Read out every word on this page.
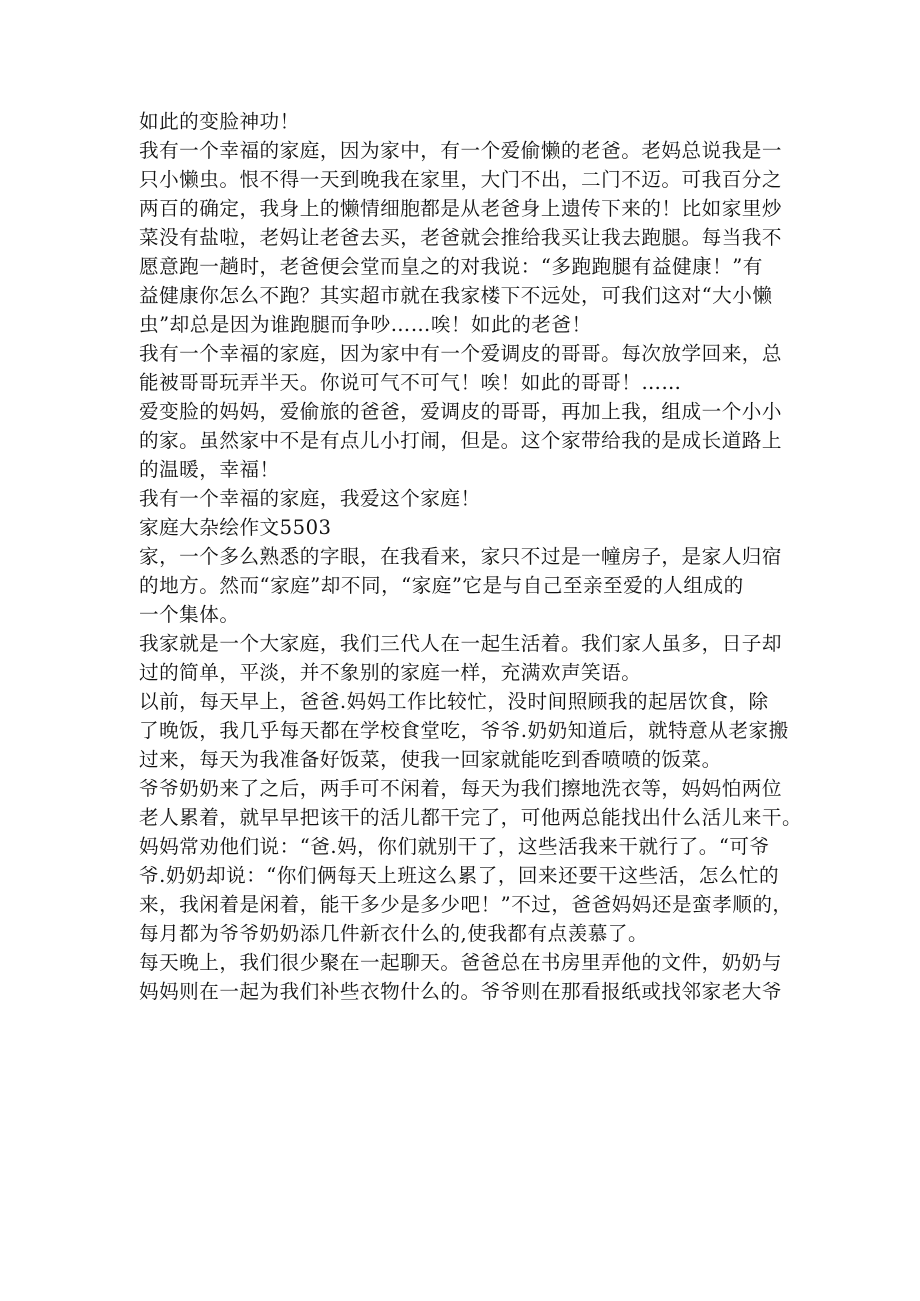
如此的变脸神功！
我有一个幸福的家庭，因为家中，有一个爱偷懒的老爸。老妈总说我是一
只小懒虫。恨不得一天到晚我在家里，大门不出，二门不迈。可我百分之
两百的确定，我身上的懒情细胞都是从老爸身上遗传下来的！比如家里炒
菜没有盐啦，老妈让老爸去买，老爸就会推给我买让我去跑腿。每当我不
愿意跑一趟时，老爸便会堂而皇之的对我说：“多跑跑腿有益健康！”有
益健康你怎么不跑？其实超市就在我家楼下不远处，可我们这对“大小懒
虫”却总是因为谁跑腿而争吵……唉！如此的老爸！
我有一个幸福的家庭，因为家中有一个爱调皮的哥哥。每次放学回来，总
能被哥哥玩弄半天。你说可气不可气！唉！如此的哥哥！……
爱变脸的妈妈，爱偷旅的爸爸，爱调皮的哥哥，再加上我，组成一个小小
的家。虽然家中不是有点儿小打闹，但是。这个家带给我的是成长道路上
的温暖，幸福！
我有一个幸福的家庭，我爱这个家庭！
家庭大杂绘作文5503
家，一个多么熟悉的字眼，在我看来，家只不过是一幢房子，是家人归宿
的地方。然而“家庭”却不同，“家庭”它是与自己至亲至爱的人组成的
一个集体。
我家就是一个大家庭，我们三代人在一起生活着。我们家人虽多，日子却
过的简单，平淡，并不象别的家庭一样，充满欢声笑语。
以前，每天早上，爸爸.妈妈工作比较忙，没时间照顾我的起居饮食，除
了晚饭，我几乎每天都在学校食堂吃，爷爷.奶奶知道后，就特意从老家搬
过来，每天为我准备好饭菜，使我一回家就能吃到香喷喷的饭菜。
爷爷奶奶来了之后，两手可不闲着，每天为我们擦地洗衣等，妈妈怕两位
老人累着，就早早把该干的活儿都干完了，可他两总能找出什么活儿来干。
妈妈常劝他们说：“爸.妈，你们就别干了，这些活我来干就行了。“可爷
爷.奶奶却说：“你们俩每天上班这么累了，回来还要干这些活，怎么忙的
来，我闲着是闲着，能干多少是多少吧！”不过，爸爸妈妈还是蛮孝顺的，
每月都为爷爷奶奶添几件新衣什么的,使我都有点羡慕了。
每天晚上，我们很少聚在一起聊天。爸爸总在书房里弄他的文件，奶奶与
妈妈则在一起为我们补些衣物什么的。爷爷则在那看报纸或找邻家老大爷
